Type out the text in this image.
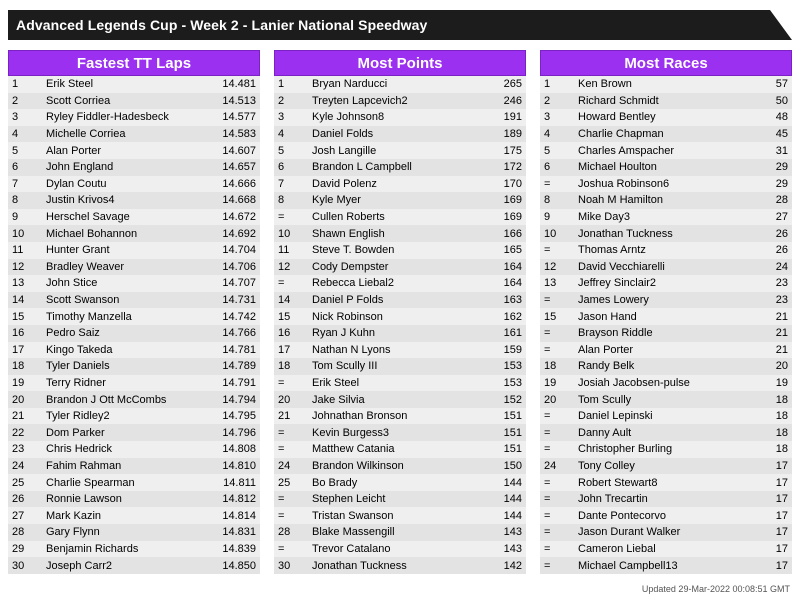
Advanced Legends Cup - Week 2 - Lanier National Speedway
Fastest TT Laps
1	Erik Steel	14.481
2	Scott Corriea	14.513
3	Ryley Fiddler-Hadesbeck	14.577
4	Michelle Corriea	14.583
5	Alan Porter	14.607
6	John England	14.657
7	Dylan Coutu	14.666
8	Justin Krivos4	14.668
9	Herschel Savage	14.672
10	Michael Bohannon	14.692
11	Hunter Grant	14.704
12	Bradley Weaver	14.706
13	John Stice	14.707
14	Scott Swanson	14.731
15	Timothy Manzella	14.742
16	Pedro Saiz	14.766
17	Kingo Takeda	14.781
18	Tyler Daniels	14.789
19	Terry Ridner	14.791
20	Brandon J Ott McCombs	14.794
21	Tyler Ridley2	14.795
22	Dom Parker	14.796
23	Chris Hedrick	14.808
24	Fahim Rahman	14.810
25	Charlie Spearman	14.811
26	Ronnie Lawson	14.812
27	Mark Kazin	14.814
28	Gary Flynn	14.831
29	Benjamin Richards	14.839
30	Joseph Carr2	14.850
Most Points
1	Bryan Narducci	265
2	Treyten Lapcevich2	246
3	Kyle Johnson8	191
4	Daniel Folds	189
5	Josh Langille	175
6	Brandon L Campbell	172
7	David Polenz	170
8	Kyle Myer	169
=	Cullen Roberts	169
10	Shawn English	166
11	Steve T. Bowden	165
12	Cody Dempster	164
=	Rebecca Liebal2	164
14	Daniel P Folds	163
15	Nick Robinson	162
16	Ryan J Kuhn	161
17	Nathan N Lyons	159
18	Tom Scully III	153
=	Erik Steel	153
20	Jake Silvia	152
21	Johnathan Bronson	151
=	Kevin Burgess3	151
=	Matthew Catania	151
24	Brandon Wilkinson	150
25	Bo Brady	144
=	Stephen Leicht	144
=	Tristan Swanson	144
28	Blake Massengill	143
=	Trevor Catalano	143
30	Jonathan Tuckness	142
Most Races
1	Ken Brown	57
2	Richard Schmidt	50
3	Howard Bentley	48
4	Charlie Chapman	45
5	Charles Amspacher	31
6	Michael Houlton	29
=	Joshua Robinson6	29
8	Noah M Hamilton	28
9	Mike Day3	27
10	Jonathan Tuckness	26
=	Thomas Arntz	26
12	David Vecchiarelli	24
13	Jeffrey Sinclair2	23
=	James Lowery	23
15	Jason Hand	21
=	Brayson Riddle	21
=	Alan Porter	21
18	Randy Belk	20
19	Josiah Jacobsen-pulse	19
20	Tom Scully	18
=	Daniel Lepinski	18
=	Danny Ault	18
=	Christopher Burling	18
24	Tony Colley	17
=	Robert Stewart8	17
=	John Trecartin	17
=	Dante Pontecorvo	17
=	Jason Durant Walker	17
=	Cameron Liebal	17
=	Michael Campbell13	17
Updated 29-Mar-2022 00:08:51 GMT
